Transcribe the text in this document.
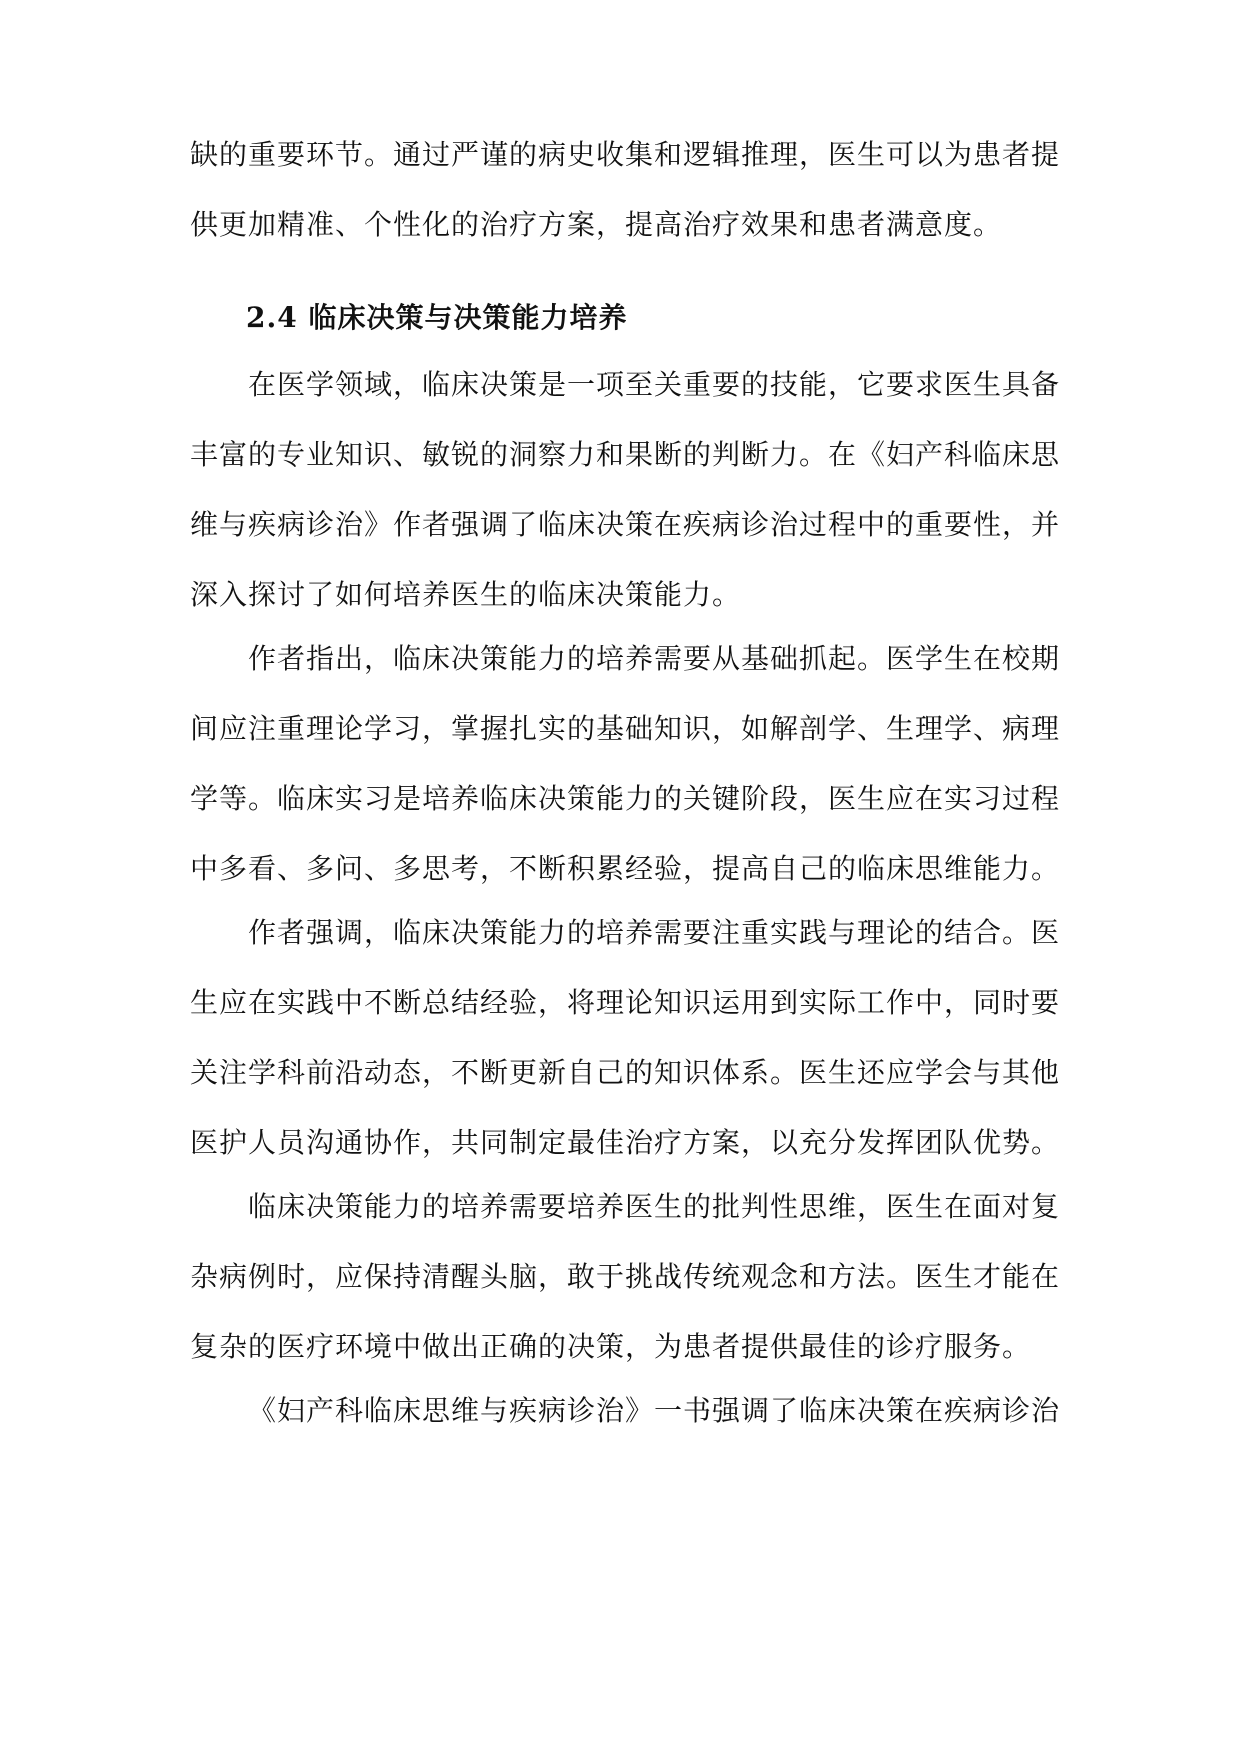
缺的重要环节。通过严谨的病史收集和逻辑推理，医生可以为患者提供更加精准、个性化的治疗方案，提高治疗效果和患者满意度。

2.4 临床决策与决策能力培养

在医学领域，临床决策是一项至关重要的技能，它要求医生具备丰富的专业知识、敏锐的洞察力和果断的判断力。在《妇产科临床思维与疾病诊治》作者强调了临床决策在疾病诊治过程中的重要性，并深入探讨了如何培养医生的临床决策能力。

作者指出，临床决策能力的培养需要从基础抓起。医学生在校期间应注重理论学习，掌握扎实的基础知识，如解剖学、生理学、病理学等。临床实习是培养临床决策能力的关键阶段，医生应在实习过程中多看、多问、多思考，不断积累经验，提高自己的临床思维能力。

作者强调，临床决策能力的培养需要注重实践与理论的结合。医生应在实践中不断总结经验，将理论知识运用到实际工作中，同时要关注学科前沿动态，不断更新自己的知识体系。医生还应学会与其他医护人员沟通协作，共同制定最佳治疗方案，以充分发挥团队优势。

临床决策能力的培养需要培养医生的批判性思维，医生在面对复杂病例时，应保持清醒头脑，敢于挑战传统观念和方法。医生才能在复杂的医疗环境中做出正确的决策，为患者提供最佳的诊疗服务。

《妇产科临床思维与疾病诊治》一书强调了临床决策在疾病诊治
